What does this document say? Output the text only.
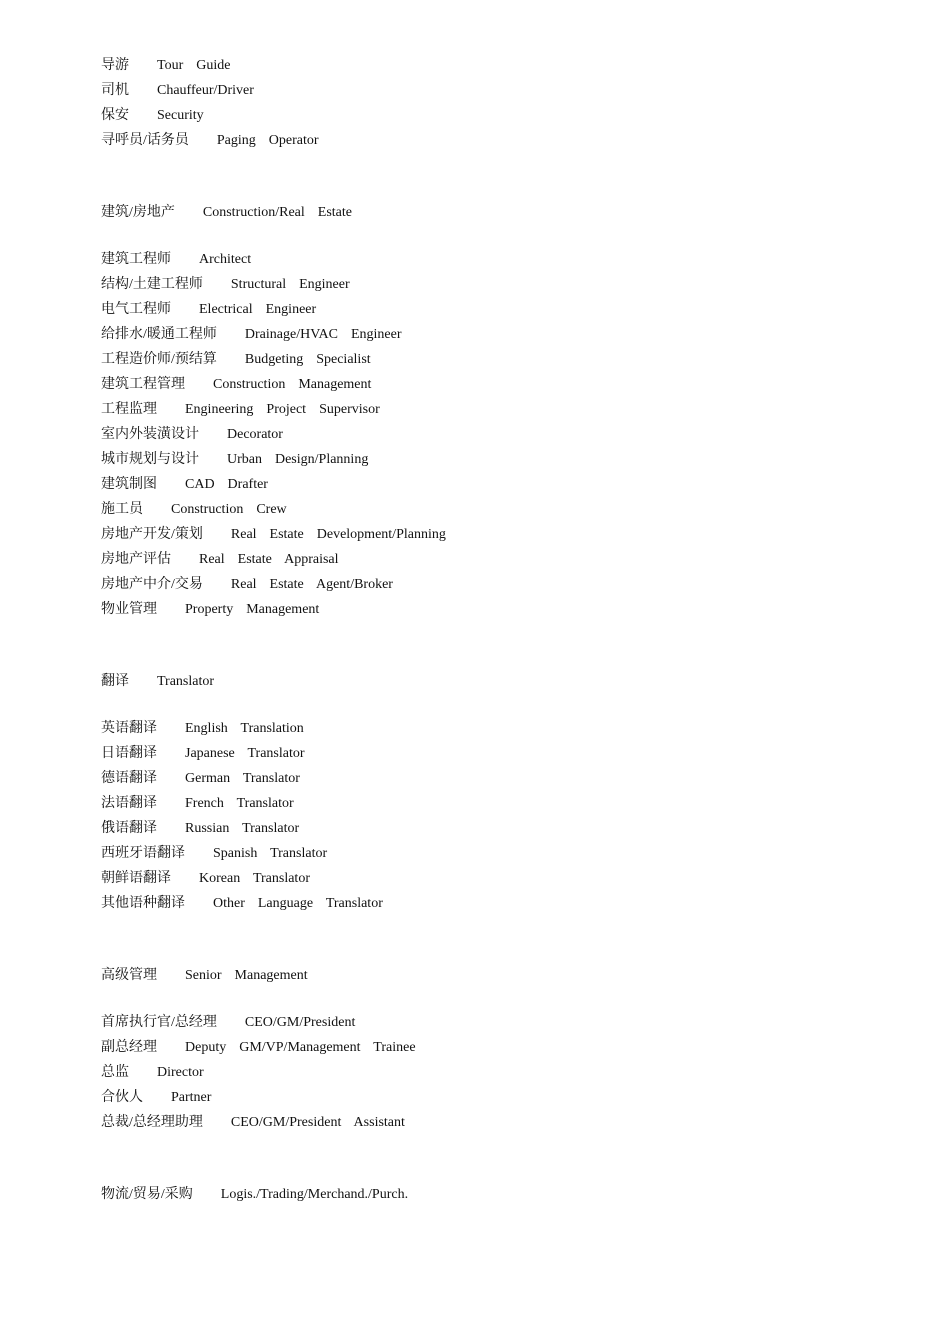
导游 Tour  Guide
司机 Chauffeur/Driver
保安 Security
寻呼员/话务员 Paging  Operator
建筑/房地产 Construction/Real  Estate
建筑工程师 Architect
结构/土建工程师 Structural  Engineer
电气工程师 Electrical  Engineer
给排水/暖通工程师 Drainage/HVAC  Engineer
工程造价师/预结算 Budgeting  Specialist
建筑工程管理 Construction  Management
工程监理 Engineering  Project  Supervisor
室内外装潢设计 Decorator
城市规划与设计 Urban  Design/Planning
建筑制图 CAD  Drafter
施工员 Construction  Crew
房地产开发/策划 Real  Estate  Development/Planning
房地产评估 Real  Estate  Appraisal
房地产中介/交易 Real  Estate  Agent/Broker
物业管理 Property  Management
翻译 Translator
英语翻译 English  Translation
日语翻译 Japanese  Translator
德语翻译 German  Translator
法语翻译 French  Translator
俄语翻译 Russian  Translator
西班牙语翻译 Spanish  Translator
朝鲜语翻译 Korean  Translator
其他语种翻译 Other  Language  Translator
高级管理 Senior  Management
首席执行官/总经理 CEO/GM/President
副总经理 Deputy  GM/VP/Management  Trainee
总监 Director
合伙人 Partner
总裁/总经理助理 CEO/GM/President  Assistant
物流/贸易/采购 Logis./Trading/Merchand./Purch.
